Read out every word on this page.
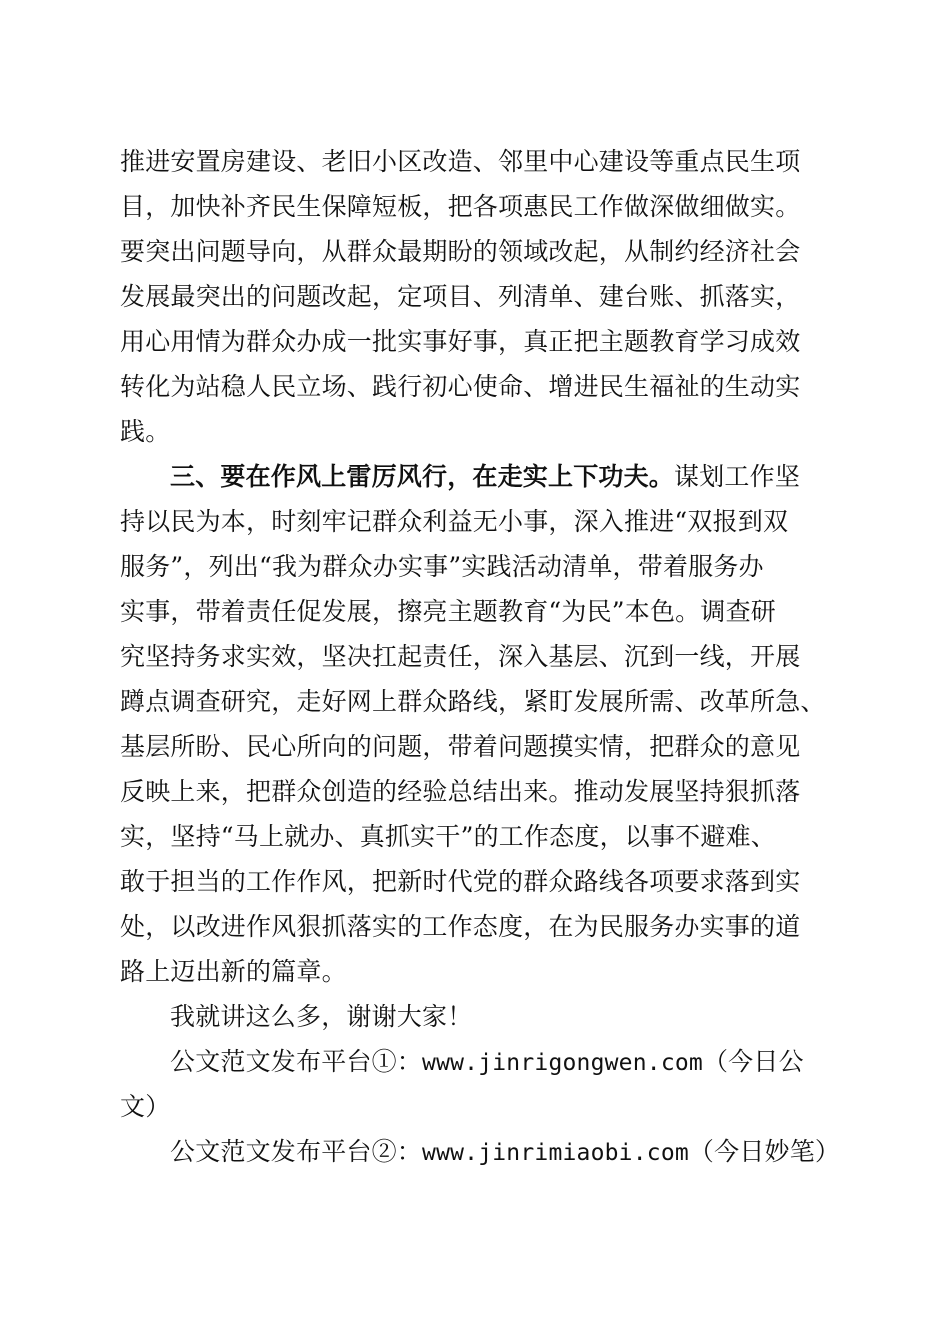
推进安置房建设、老旧小区改造、邻里中心建设等重点民生项
目，加快补齐民生保障短板，把各项惠民工作做深做细做实。
要突出问题导向，从群众最期盼的领域改起，从制约经济社会
发展最突出的问题改起，定项目、列清单、建台账、抓落实，
用心用情为群众办成一批实事好事，真正把主题教育学习成效
转化为站稳人民立场、践行初心使命、增进民生福祉的生动实
践。
三、要在作风上雷厉风行，在走实上下功夫。谋划工作坚
持以民为本，时刻牢记群众利益无小事，深入推进“双报到双
服务”，列出“我为群众办实事”实践活动清单，带着服务办
实事，带着责任促发展，擦亮主题教育“为民”本色。调查研
究坚持务求实效，坚决扛起责任，深入基层、沉到一线，开展
蹲点调查研究，走好网上群众路线，紧盯发展所需、改革所急、
基层所盼、民心所向的问题，带着问题摸实情，把群众的意见
反映上来，把群众创造的经验总结出来。推动发展坚持狠抓落
实，坚持“马上就办、真抓实干”的工作态度，以事不避难、
敢于担当的工作作风，把新时代党的群众路线各项要求落到实
处，以改进作风狠抓落实的工作态度，在为民服务办实事的道
路上迈出新的篇章。
我就讲这么多，谢谢大家！
公文范文发布平台①：www.jinrigongwen.com（今日公
文）
公文范文发布平台②：www.jinrimiaobi.com（今日妙笔）
